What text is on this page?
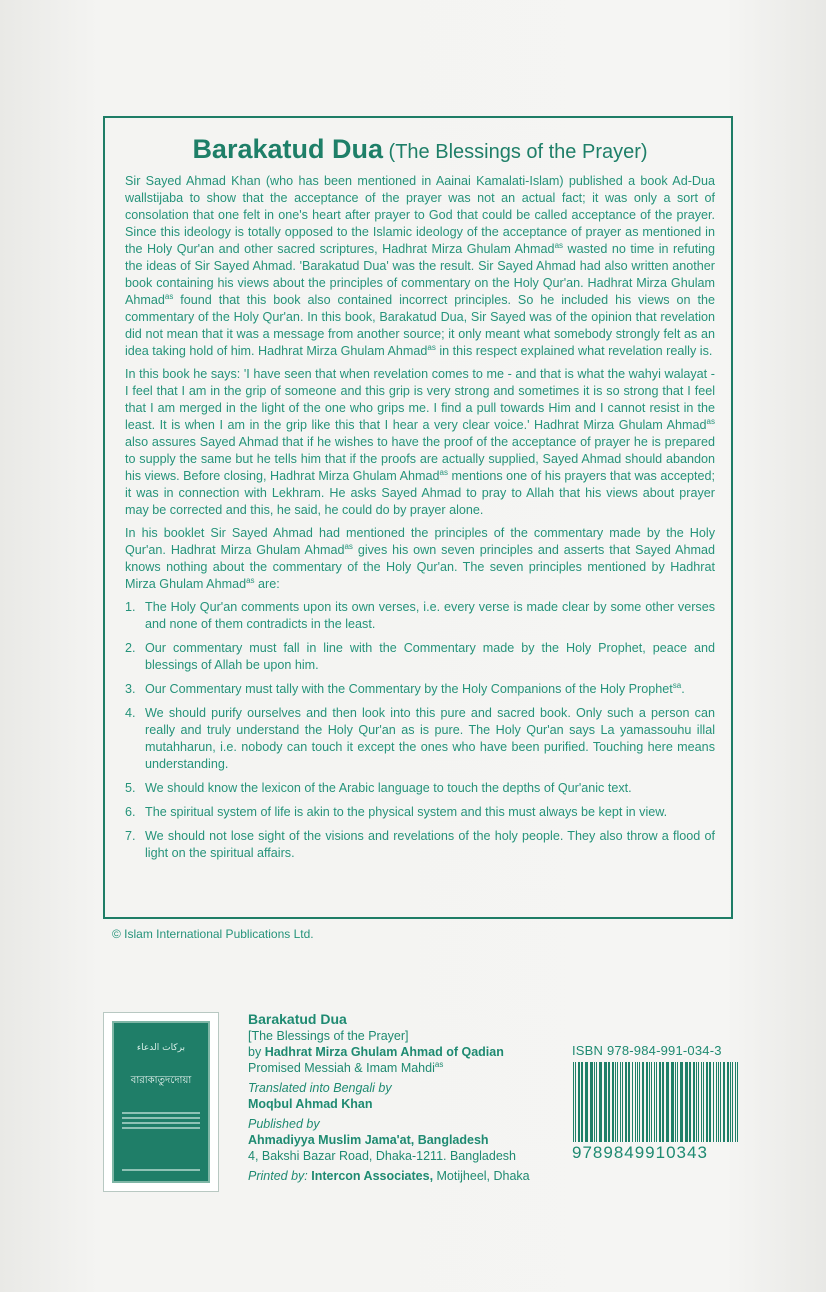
Barakatud Dua (The Blessings of the Prayer)

Sir Sayed Ahmad Khan (who has been mentioned in Aainai Kamalati-Islam) published a book Ad-Dua wallstijaba to show that the acceptance of the prayer was not an actual fact; it was only a sort of consolation that one felt in one's heart after prayer to God that could be called acceptance of the prayer. Since this ideology is totally opposed to the Islamic ideology of the acceptance of prayer as mentioned in the Holy Qur'an and other sacred scriptures, Hadhrat Mirza Ghulam Ahmad$^{as}$ wasted no time in refuting the ideas of Sir Sayed Ahmad. 'Barakatud Dua' was the result. Sir Sayed Ahmad had also written another book containing his views about the principles of commentary on the Holy Qur'an. Hadhrat Mirza Ghulam Ahmad$^{as}$ found that this book also contained incorrect principles. So he included his views on the commentary of the Holy Qur'an. In this book, Barakatud Dua, Sir Sayed was of the opinion that revelation did not mean that it was a message from another source; it only meant what somebody strongly felt as an idea taking hold of him. Hadhrat Mirza Ghulam Ahmad$^{as}$ in this respect explained what revelation really is.

In this book he says: 'I have seen that when revelation comes to me - and that is what the wahyi walayat - I feel that I am in the grip of someone and this grip is very strong and sometimes it is so strong that I feel that I am merged in the light of the one who grips me. I find a pull towards Him and I cannot resist in the least. It is when I am in the grip like this that I hear a very clear voice.' Hadhrat Mirza Ghulam Ahmad$^{as}$ also assures Sayed Ahmad that if he wishes to have the proof of the acceptance of prayer he is prepared to supply the same but he tells him that if the proofs are actually supplied, Sayed Ahmad should abandon his views. Before closing, Hadhrat Mirza Ghulam Ahmad$^{as}$ mentions one of his prayers that was accepted; it was in connection with Lekhram. He asks Sayed Ahmad to pray to Allah that his views about prayer may be corrected and this, he said, he could do by prayer alone.

In his booklet Sir Sayed Ahmad had mentioned the principles of the commentary made by the Holy Qur'an. Hadhrat Mirza Ghulam Ahmad$^{as}$ gives his own seven principles and asserts that Sayed Ahmad knows nothing about the commentary of the Holy Qur'an. The seven principles mentioned by Hadhrat Mirza Ghulam Ahmad$^{as}$ are:

1. The Holy Qur'an comments upon its own verses, i.e. every verse is made clear by some other verses and none of them contradicts in the least.
2. Our commentary must fall in line with the Commentary made by the Holy Prophet, peace and blessings of Allah be upon him.
3. Our Commentary must tally with the Commentary by the Holy Companions of the Holy Prophet$^{sa}$.
4. We should purify ourselves and then look into this pure and sacred book. Only such a person can really and truly understand the Holy Qur'an as is pure. The Holy Qur'an says La yamassouhu illal mutahharun, i.e. nobody can touch it except the ones who have been purified. Touching here means understanding.
5. We should know the lexicon of the Arabic language to touch the depths of Qur'anic text.
6. The spiritual system of life is akin to the physical system and this must always be kept in view.
7. We should not lose sight of the visions and revelations of the holy people. They also throw a flood of light on the spiritual affairs.
© Islam International Publications Ltd.
ﺑﺮﻛﺎﺕ ﺍﻟﺪﻋﺎﺀ
বারাকাতুদদোয়া
Barakatud Dua
[The Blessings of the Prayer]
by Hadhrat Mirza Ghulam Ahmad of Qadian
Promised Messiah & Imam Mahdi$^{as}$
Translated into Bengali by
Moqbul Ahmad Khan
Published by
Ahmadiyya Muslim Jama'at, Bangladesh
4, Bakshi Bazar Road, Dhaka-1211. Bangladesh
Printed by: Intercon Associates, Motijheel, Dhaka
ISBN 978-984-991-034-3
9789849910343
